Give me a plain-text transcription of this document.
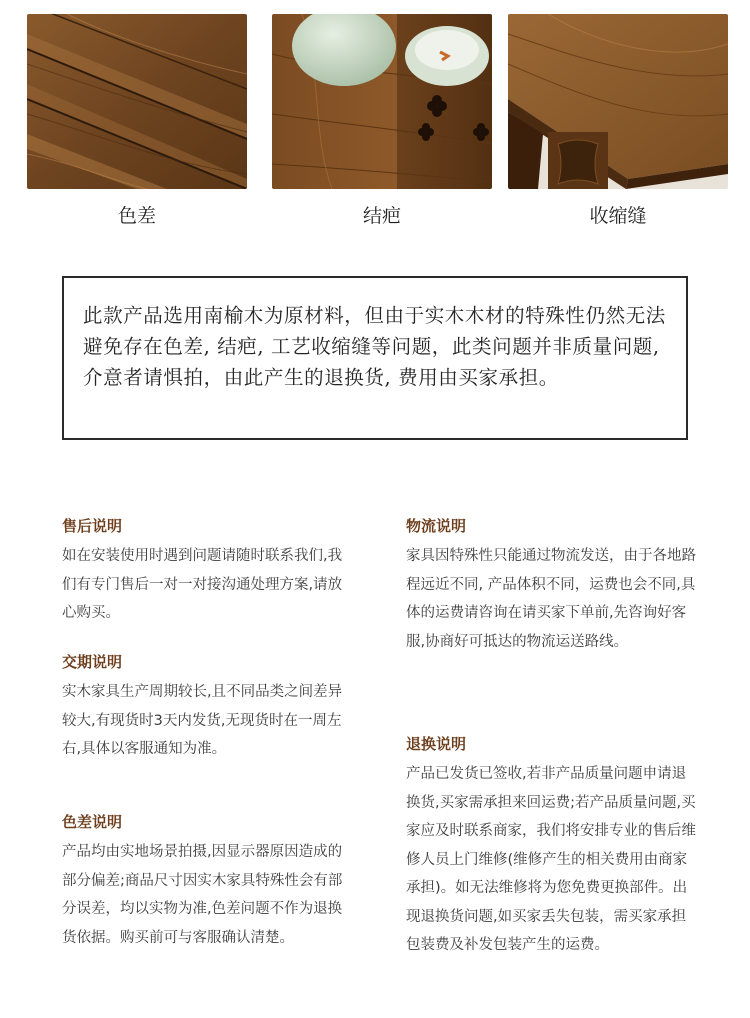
色差	结疤	收缩缝

此款产品选用南榆木为原材料，但由于实木木材的特殊性仍然无法避免存在色差, 结疤, 工艺收缩缝等问题，此类问题并非质量问题, 介意者请惧拍，由此产生的退换货, 费用由买家承担。

售后说明

如在安装使用时遇到问题请随时联系我们,我们有专门售后一对一对接沟通处理方案,请放心购买。

交期说明

实木家具生产周期较长,且不同品类之间差异较大,有现货时3天内发货,无现货时在一周左右,具体以客服通知为准。

色差说明

产品均由实地场景拍摄,因显示器原因造成的部分偏差;商品尺寸因实木家具特殊性会有部分误差，均以实物为准,色差问题不作为退换货依据。购买前可与客服确认清楚。

物流说明

家具因特殊性只能通过物流发送，由于各地路程远近不同, 产品体积不同，运费也会不同,具体的运费请咨询在请买家下单前,先咨询好客服,协商好可抵达的物流运送路线。

退换说明

产品已发货已签收,若非产品质量问题申请退换货,买家需承担来回运费;若产品质量问题,买家应及时联系商家，我们将安排专业的售后维修人员上门维修(维修产生的相关费用由商家承担)。如无法维修将为您免费更换部件。出现退换货问题,如买家丢失包装，需买家承担包装费及补发包装产生的运费。
